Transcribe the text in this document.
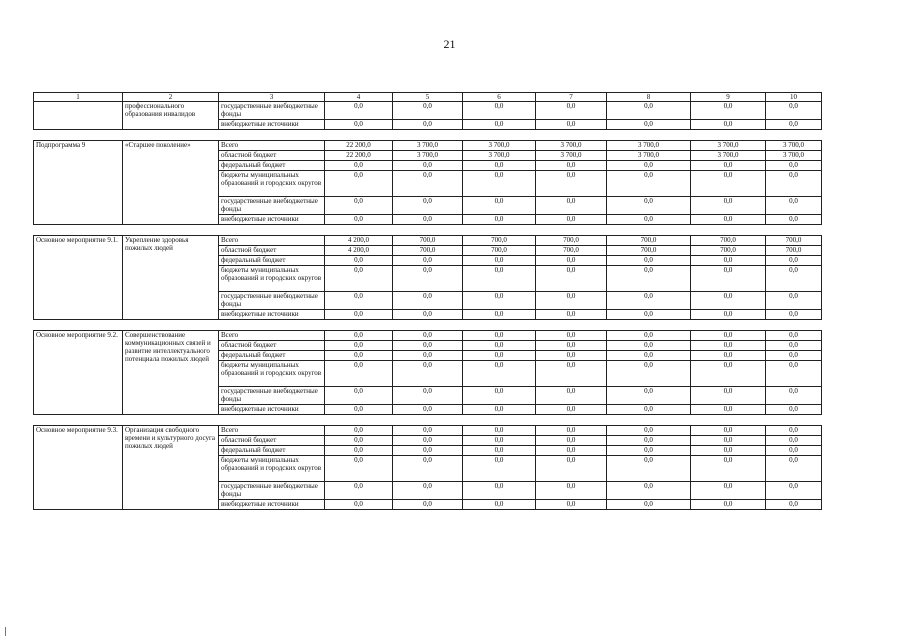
21
1	2	3	4	5	6	7	8	9	10
	профессионального образования инвалидов	государственные внебюджетные фонды	0,0	0,0	0,0	0,0	0,0	0,0	0,0
		внебюджетные источники	0,0	0,0	0,0	0,0	0,0	0,0	0,0

Подпрограмма 9	«Старшее поколение»	Всего	22 200,0	3 700,0	3 700,0	3 700,0	3 700,0	3 700,0	3 700,0
		областной бюджет	22 200,0	3 700,0	3 700,0	3 700,0	3 700,0	3 700,0	3 700,0
		федеральный бюджет	0,0	0,0	0,0	0,0	0,0	0,0	0,0
		бюджеты муниципальных образований и городских округов	0,0	0,0	0,0	0,0	0,0	0,0	0,0
		государственные внебюджетные фонды	0,0	0,0	0,0	0,0	0,0	0,0	0,0
		внебюджетные источники	0,0	0,0	0,0	0,0	0,0	0,0	0,0

Основное мероприятие 9.1.	Укрепление здоровья пожилых людей	Всего	4 200,0	700,0	700,0	700,0	700,0	700,0	700,0
		областной бюджет	4 200,0	700,0	700,0	700,0	700,0	700,0	700,0
		федеральный бюджет	0,0	0,0	0,0	0,0	0,0	0,0	0,0
		бюджеты муниципальных образований и городских округов	0,0	0,0	0,0	0,0	0,0	0,0	0,0
		государственные внебюджетные фонды	0,0	0,0	0,0	0,0	0,0	0,0	0,0
		внебюджетные источники	0,0	0,0	0,0	0,0	0,0	0,0	0,0

Основное мероприятие 9.2.	Совершенствование коммуникационных связей и развитие интеллектуального потенциала пожилых людей	Всего	0,0	0,0	0,0	0,0	0,0	0,0	0,0
		областной бюджет	0,0	0,0	0,0	0,0	0,0	0,0	0,0
		федеральный бюджет	0,0	0,0	0,0	0,0	0,0	0,0	0,0
		бюджеты муниципальных образований и городских округов	0,0	0,0	0,0	0,0	0,0	0,0	0,0
		государственные внебюджетные фонды	0,0	0,0	0,0	0,0	0,0	0,0	0,0
		внебюджетные источники	0,0	0,0	0,0	0,0	0,0	0,0	0,0

Основное мероприятие 9.3.	Организация свободного времени и культурного досуга пожилых людей	Всего	0,0	0,0	0,0	0,0	0,0	0,0	0,0
		областной бюджет	0,0	0,0	0,0	0,0	0,0	0,0	0,0
		федеральный бюджет	0,0	0,0	0,0	0,0	0,0	0,0	0,0
		бюджеты муниципальных образований и городских округов	0,0	0,0	0,0	0,0	0,0	0,0	0,0
		государственные внебюджетные фонды	0,0	0,0	0,0	0,0	0,0	0,0	0,0
		внебюджетные источники	0,0	0,0	0,0	0,0	0,0	0,0	0,0
